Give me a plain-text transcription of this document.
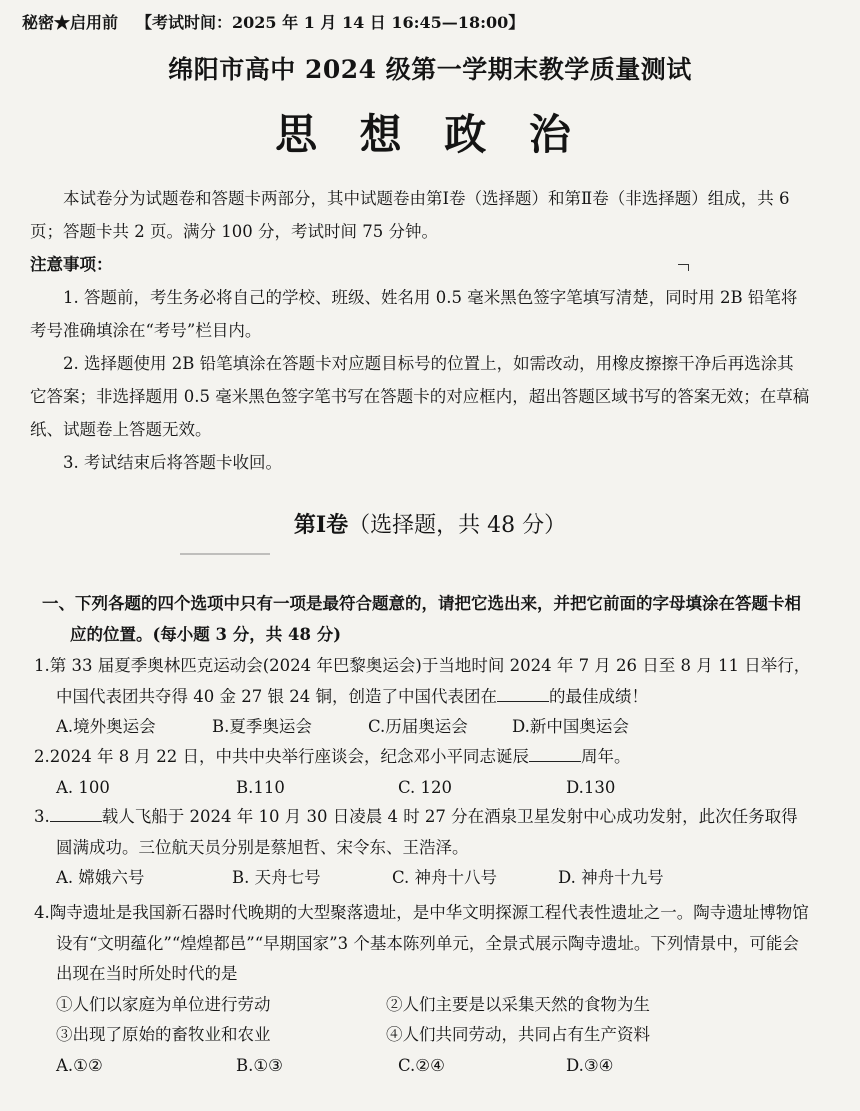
秘密★启用前 【考试时间：2025 年 1 月 14 日 16:45—18:00】
绵阳市高中 2024 级第一学期末教学质量测试
思 想 政 治
本试卷分为试题卷和答题卡两部分，其中试题卷由第Ⅰ卷（选择题）和第Ⅱ卷（非选择题）组成，共 6 页；答题卡共 2 页。满分 100 分，考试时间 75 分钟。
注意事项：

1. 答题前，考生务必将自己的学校、班级、姓名用 0.5 毫米黑色签字笔填写清楚，同时用 2B 铅笔将考号准确填涂在“考号”栏目内。

2. 选择题使用 2B 铅笔填涂在答题卡对应题目标号的位置上，如需改动，用橡皮擦擦干净后再选涂其它答案；非选择题用 0.5 毫米黑色签字笔书写在答题卡的对应框内，超出答题区域书写的答案无效；在草稿纸、试题卷上答题无效。

3. 考试结束后将答题卡收回。

第Ⅰ卷（选择题，共 48 分）
一、下列各题的四个选项中只有一项是最符合题意的，请把它选出来，并把它前面的字母填涂在答题卡相应的位置。(每小题 3 分，共 48 分)

1.第 33 届夏季奥林匹克运动会(2024 年巴黎奥运会)于当地时间 2024 年 7 月 26 日至 8 月 11 日举行，中国代表团共夺得 40 金 27 银 24 铜，创造了中国代表团在	的最佳成绩！

A.境外奥运会	B.夏季奥运会	C.历届奥运会	D.新中国奥运会

2.2024 年 8 月 22 日，中共中央举行座谈会，纪念邓小平同志诞辰	周年。

A. 100	B.110	C. 120	D.130

3.	载人飞船于 2024 年 10 月 30 日凌晨 4 时 27 分在酒泉卫星发射中心成功发射，此次任务取得圆满成功。三位航天员分别是蔡旭哲、宋令东、王浩泽。

A. 嫦娥六号	B. 天舟七号	C. 神舟十八号	D. 神舟十九号

4.陶寺遗址是我国新石器时代晚期的大型聚落遗址，是中华文明探源工程代表性遗址之一。陶寺遗址博物馆设有“文明蕴化”“煌煌都邑”“早期国家”3 个基本陈列单元，全景式展示陶寺遗址。下列情景中，可能会出现在当时所处时代的是

①人们以家庭为单位进行劳动	②人们主要是以采集天然的食物为生
③出现了原始的畜牧业和农业	④人们共同劳动，共同占有生产资料

A.①②	B.①③	C.②④	D.③④
